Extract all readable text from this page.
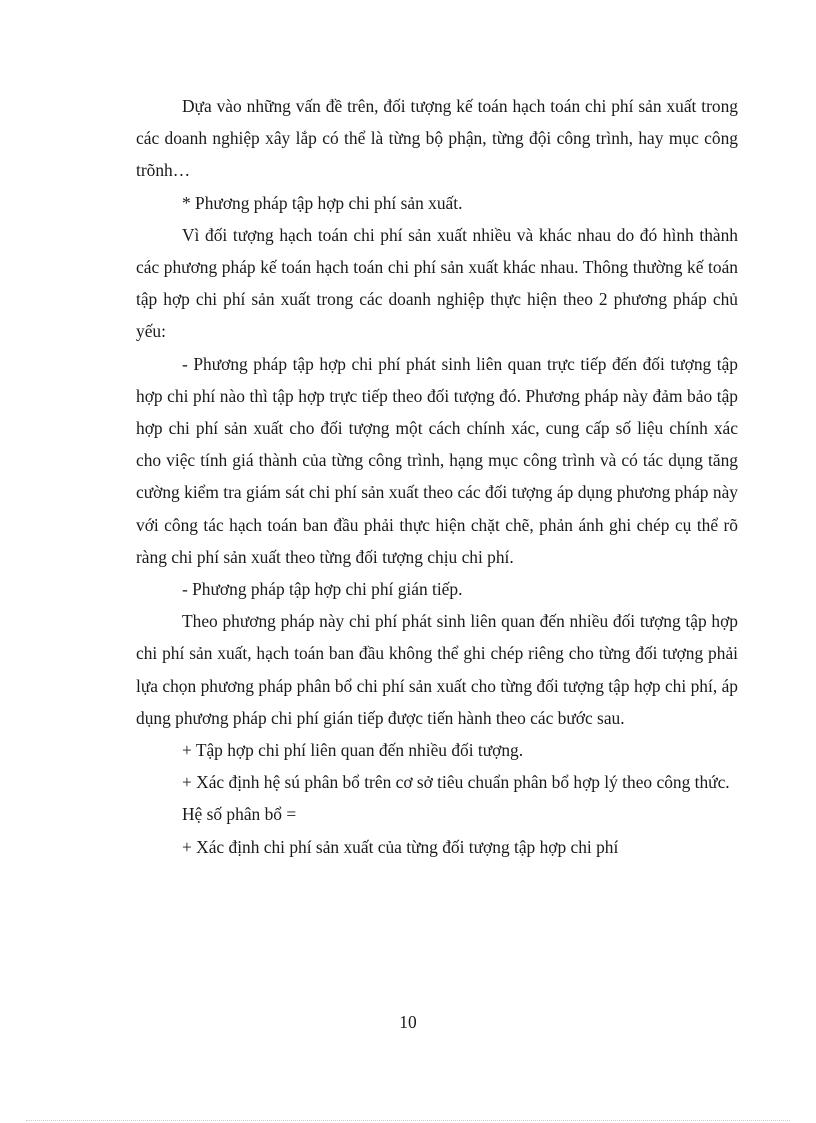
Dựa vào những vấn đề trên, đối tượng kế toán hạch toán chi phí sản xuất trong các doanh nghiệp xây lắp có thể là từng bộ phận, từng đội công trình, hay mục công trõnh…

* Phương pháp tập hợp chi phí sản xuất.

Vì đối tượng hạch toán chi phí sản xuất nhiều và khác nhau do đó hình thành các phương pháp kế toán hạch toán chi phí sản xuất khác nhau. Thông thường kế toán tập hợp chi phí sản xuất trong các doanh nghiệp thực hiện theo 2 phương pháp chủ yếu:

- Phương pháp tập hợp chi phí phát sinh liên quan trực tiếp đến đối tượng tập hợp chi phí nào thì tập hợp trực tiếp theo đối tượng đó. Phương pháp này đảm bảo tập hợp chi phí sản xuất cho đối tượng một cách chính xác, cung cấp số liệu chính xác cho việc tính giá thành của từng công trình, hạng mục công trình và có tác dụng tăng cường kiểm tra giám sát chi phí sản xuất theo các đối tượng áp dụng phương pháp này với công tác hạch toán ban đầu phải thực hiện chặt chẽ, phản ánh ghi chép cụ thể rõ ràng chi phí sản xuất theo từng đối tượng chịu chi phí.

- Phương pháp tập hợp chi phí gián tiếp.

Theo phương pháp này chi phí phát sinh liên quan đến nhiều đối tượng tập hợp chi phí sản xuất, hạch toán ban đầu không thể ghi chép riêng cho từng đối tượng phải lựa chọn phương pháp phân bổ chi phí sản xuất cho từng đối tượng tập hợp chi phí, áp dụng phương pháp chi phí gián tiếp được tiến hành theo các bước sau.

+ Tập hợp chi phí liên quan đến nhiều đối tượng.

+ Xác định hệ sú phân bổ trên cơ sở tiêu chuẩn phân bổ hợp lý theo công thức.

Hệ số phân bổ =

+ Xác định chi phí sản xuất của từng đối tượng tập hợp chi phí

10
